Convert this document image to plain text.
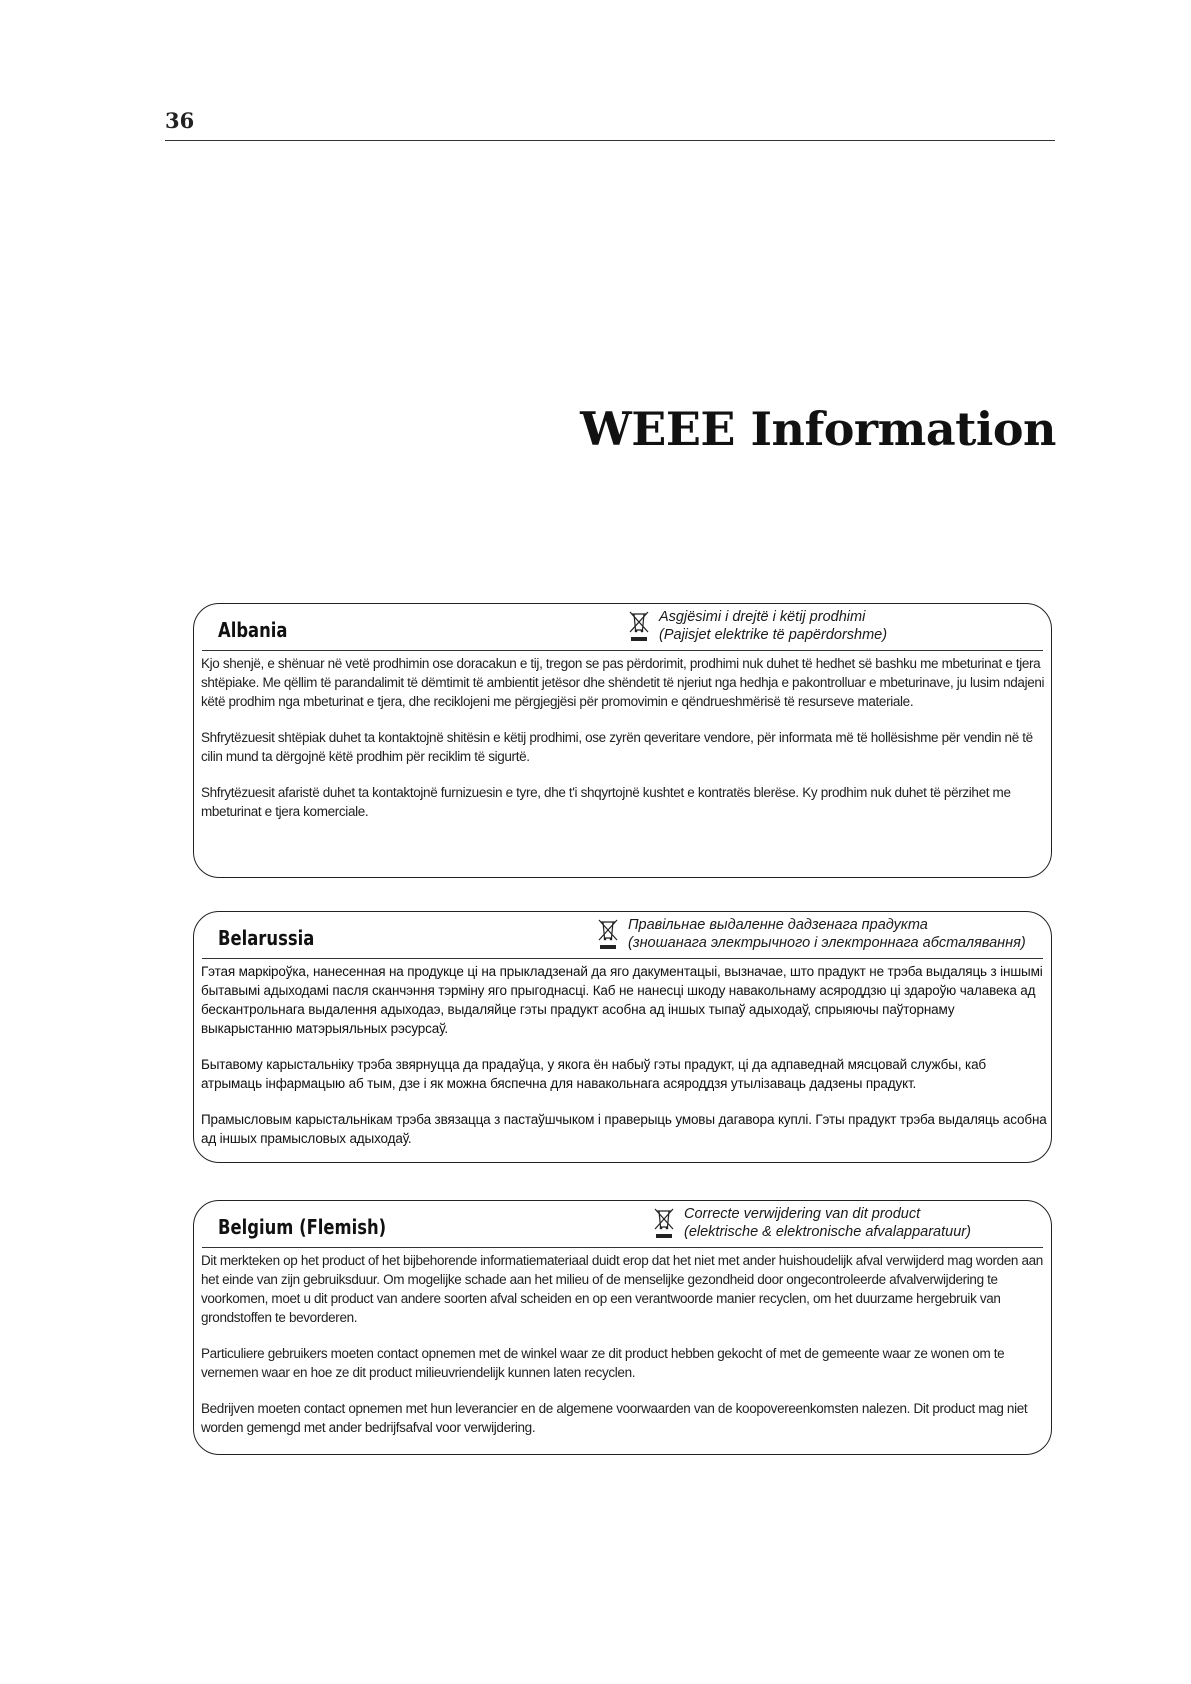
36
WEEE Information
Albania
Asgjësimi i drejtë i këtij prodhimi
(Pajisjet elektrike të papërdorshme)

Kjo shenjë, e shënuar në vetë prodhimin ose doracakun e tij, tregon se pas përdorimit, prodhimi nuk duhet të hedhet së bashku me mbeturinat e tjera shtëpiake. Me qëllim të parandalimit të dëmtimit të ambientit jetësor dhe shëndetit të njeriut nga hedhja e pakontrolluar e mbeturinave, ju lusim ndajeni këtë prodhim nga mbeturinat e tjera, dhe reciklojeni me përgjegjësi për promovimin e qëndrueshmërisë të resurseve materiale.

Shfrytëzuesit shtëpiak duhet ta kontaktojnë shitësin e këtij prodhimi, ose zyrën qeveritare vendore, për informata më të hollësishme për vendin në të cilin mund ta dërgojnë këtë prodhim për reciklim të sigurtë.

Shfrytëzuesit afaristë duhet ta kontaktojnë furnizuesin e tyre, dhe t'i shqyrtojnë kushtet e kontratës blerëse. Ky prodhim nuk duhet të përzihet me mbeturinat e tjera komerciale.

Belarussia
Правільнае выдаленне дадзенага прадукта
(зношанага электрычного і электроннага абсталявання)

Гэтая маркіроўка, нанесенная на продукце ці на прыкладзенай да яго дакументацыі, вызначае, што прадукт не трэба выдаляць з іншымі бытавымі адыходамі пасля сканчэння тэрміну яго прыгоднасці. Каб не нанесці шкоду навакольнаму асяроддзю ці здароўю чалавека ад бескантрольнага выдалення адыходаэ, выдаляйце гэты прадукт асобна ад іншых тыпаў адыходаў, спрыяючы паўторнаму выкарыстанню матэрыяльных рэсурсаў.

Бытавому карыстальніку трэба звярнуцца да прадаўца, у якога ён набыў гэты прадукт, ці да адпаведнай мясцовай службы, каб атрымаць інфармацыю аб тым, дзе і як можна бяспечна для навакольнага асяроддзя утылізаваць дадзены прадукт.

Прамысловым карыстальнікам трэба звязацца з пастаўшчыком і праверыць умовы дагавора куплі. Гэты прадукт трэба выдаляць асобна ад іншых прамысловых адыходаў.

Belgium (Flemish)
Correcte verwijdering van dit product
(elektrische & elektronische afvalapparatuur)

Dit merkteken op het product of het bijbehorende informatiemateriaal duidt erop dat het niet met ander huishoudelijk afval verwijderd mag worden aan het einde van zijn gebruiksduur. Om mogelijke schade aan het milieu of de menselijke gezondheid door ongecontroleerde afvalverwijdering te voorkomen, moet u dit product van andere soorten afval scheiden en op een verantwoorde manier recyclen, om het duurzame hergebruik van grondstoffen te bevorderen.

Particuliere gebruikers moeten contact opnemen met de winkel waar ze dit product hebben gekocht of met de gemeente waar ze wonen om te vernemen waar en hoe ze dit product milieuvriendelijk kunnen laten recyclen.

Bedrijven moeten contact opnemen met hun leverancier en de algemene voorwaarden van de koopovereenkomsten nalezen. Dit product mag niet worden gemengd met ander bedrijfsafval voor verwijdering.
